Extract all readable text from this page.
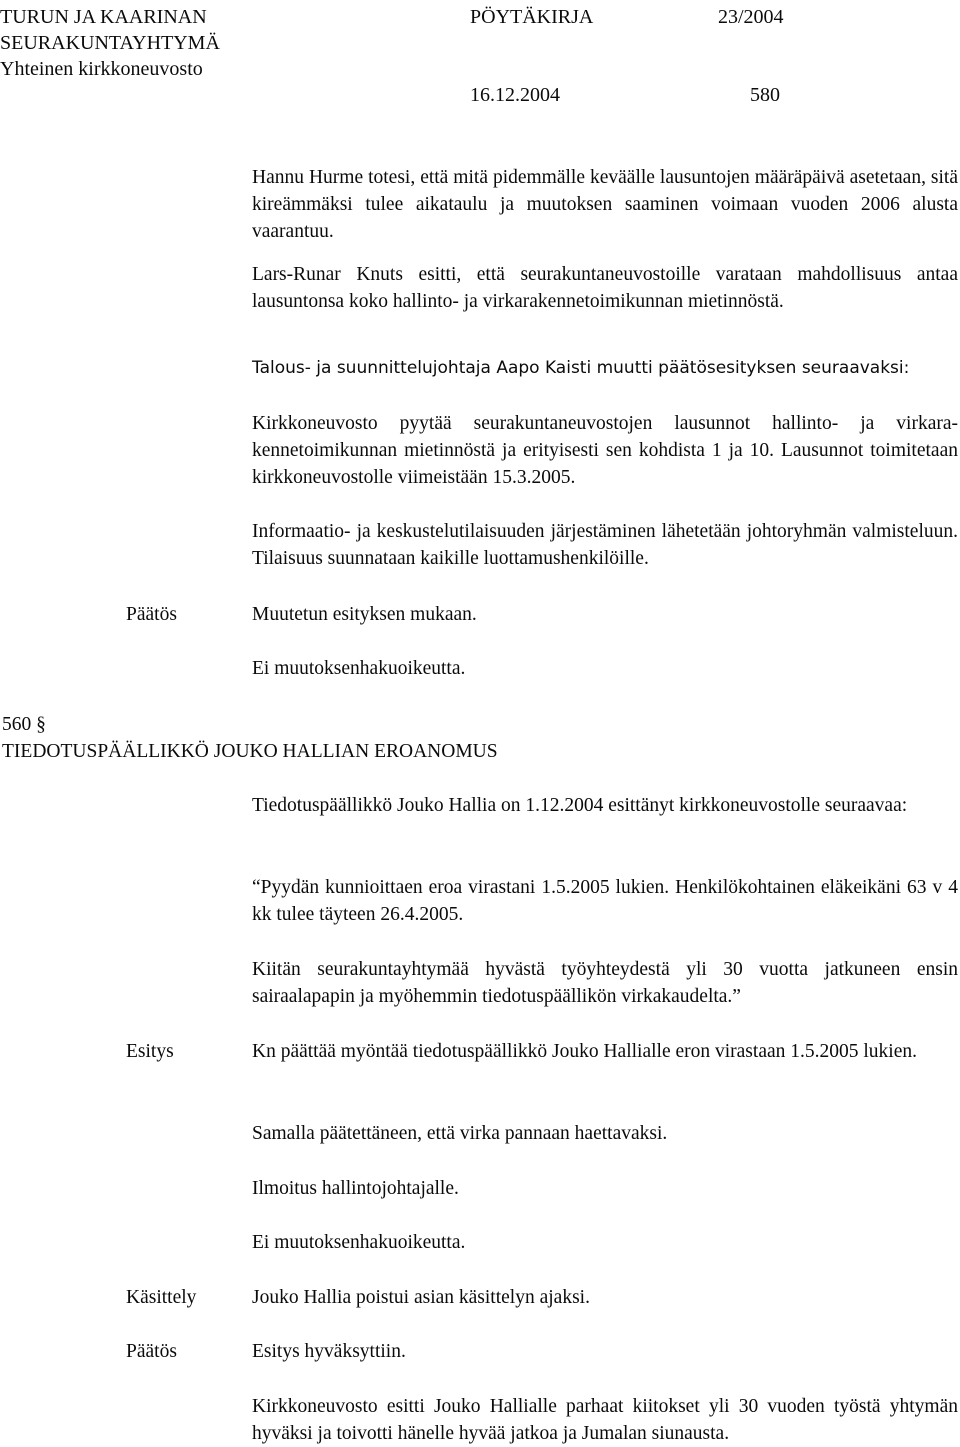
TURUN JA KAARINAN
SEURAKUNTAYHTYMÄ
Yhteinen kirkkoneuvosto
PÖYTÄKIRJA	23/2004
16.12.2004	580
Hannu Hurme totesi, että mitä pidemmälle keväälle lausuntojen määräpäivä asetetaan, sitä kireämmäksi tulee aikataulu ja muutoksen saaminen voimaan vuoden 2006 alusta vaarantuu.
Lars-Runar Knuts esitti, että seurakuntaneuvostoille varataan mahdollisuus antaa lausuntonsa koko hallinto- ja virkarakennetoimikunnan mietinnöstä.
Talous- ja suunnittelujohtaja Aapo Kaisti muutti päätösesityksen seuraavaksi:
Kirkkoneuvosto pyytää seurakuntaneuvostojen lausunnot hallinto- ja virkara-kennetoimikunnan mietinnöstä ja erityisesti sen kohdista 1 ja 10. Lausunnot toimitetaan kirkkoneuvostolle viimeistään 15.3.2005.
Informaatio- ja keskustelutilaisuuden järjestäminen lähetetään johtoryhmän valmisteluun. Tilaisuus suunnataan kaikille luottamushenkilöille.
Päätös	Muutetun esityksen mukaan.
Ei muutoksenhakuoikeutta.
560 §
TIEDOTUSPÄÄLLIKKÖ JOUKO HALLIAN EROANOMUS
Tiedotuspäällikkö Jouko Hallia on 1.12.2004 esittänyt kirkkoneuvostolle seuraavaa:
“Pyydän kunnioittaen eroa virastani 1.5.2005 lukien. Henkilökohtainen eläkeikäni 63 v 4 kk tulee täyteen 26.4.2005.
Kiitän seurakuntayhtymää hyvästä työyhteydestä yli 30 vuotta jatkuneen ensin sairaalapapin ja myöhemmin tiedotuspäällikön virkakaudelta.”
Esitys	Kn päättää myöntää tiedotuspäällikkö Jouko Hallialle eron virastaan 1.5.2005 lukien.
Samalla päätettäneen, että virka pannaan haettavaksi.
Ilmoitus hallintojohtajalle.
Ei muutoksenhakuoikeutta.
Käsittely	Jouko Hallia poistui asian käsittelyn ajaksi.
Päätös	Esitys hyväksyttiin.
Kirkkoneuvosto esitti Jouko Hallialle parhaat kiitokset yli 30 vuoden työstä yhtymän hyväksi ja toivotti hänelle hyvää jatkoa ja Jumalan siunausta.
